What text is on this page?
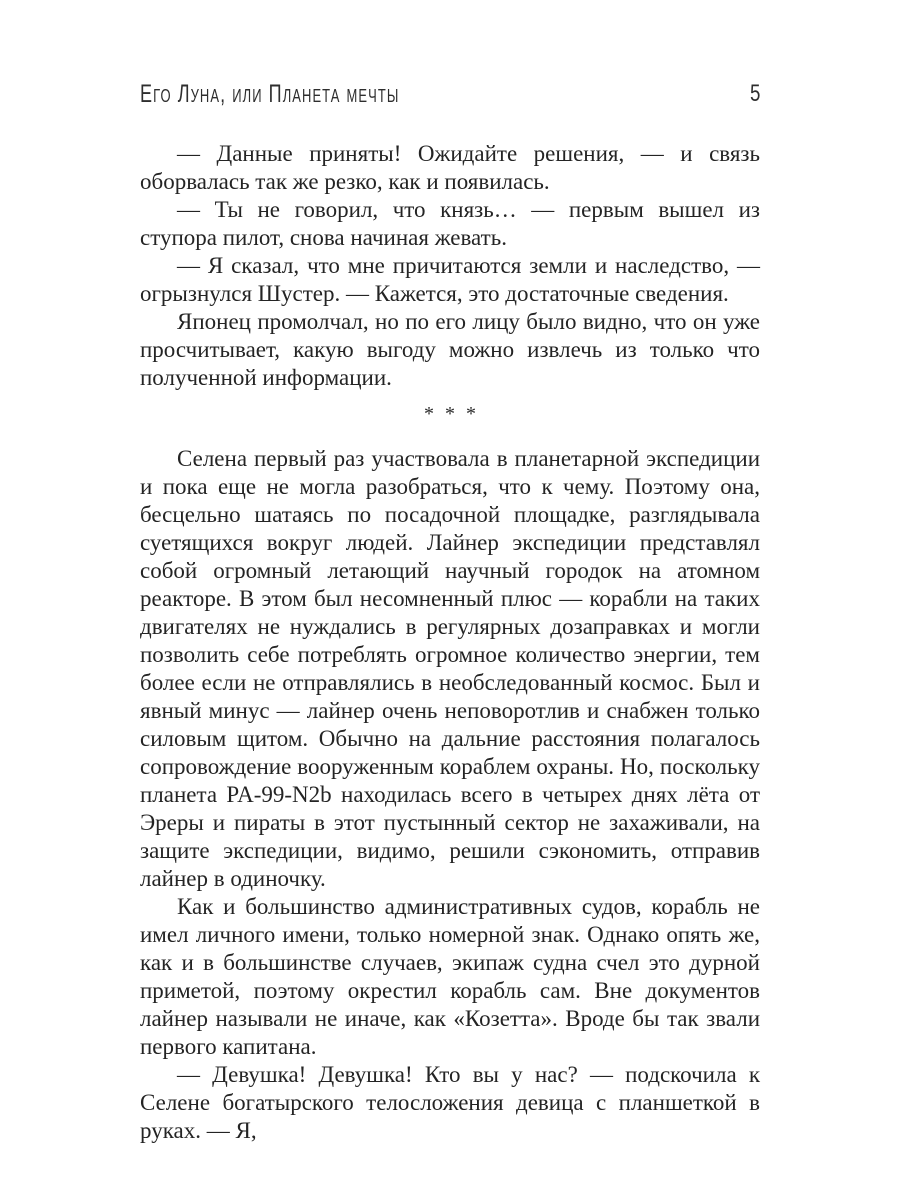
Его Луна, или Планета мечты	5

— Данные приняты! Ожидайте решения, — и связь оборвалась так же резко, как и появилась.

— Ты не говорил, что князь… — первым вышел из ступора пилот, снова начиная жевать.

— Я сказал, что мне причитаются земли и наследство, — огрызнулся Шустер. — Кажется, это достаточные сведения.

Японец промолчал, но по его лицу было видно, что он уже просчитывает, какую выгоду можно извлечь из только что полученной информации.

* * *

Селена первый раз участвовала в планетарной экспедиции и пока еще не могла разобраться, что к чему. Поэтому она, бесцельно шатаясь по посадочной площадке, разглядывала суетящихся вокруг людей. Лайнер экспедиции представлял собой огромный летающий научный городок на атомном реакторе. В этом был несомненный плюс — корабли на таких двигателях не нуждались в регулярных дозаправках и могли позволить себе потреблять огромное количество энергии, тем более если не отправлялись в необследованный космос. Был и явный минус — лайнер очень неповоротлив и снабжен только силовым щитом. Обычно на дальние расстояния полагалось сопровождение вооруженным кораблем охраны. Но, поскольку планета PA-99-N2b находилась всего в четырех днях лёта от Эреры и пираты в этот пустынный сектор не захаживали, на защите экспедиции, видимо, решили сэкономить, отправив лайнер в одиночку.

Как и большинство административных судов, корабль не имел личного имени, только номерной знак. Однако опять же, как и в большинстве случаев, экипаж судна счел это дурной приметой, поэтому окрестил корабль сам. Вне документов лайнер называли не иначе, как «Козетта». Вроде бы так звали первого капитана.

— Девушка! Девушка! Кто вы у нас? — подскочила к Селене богатырского телосложения девица с планшеткой в руках. — Я,
